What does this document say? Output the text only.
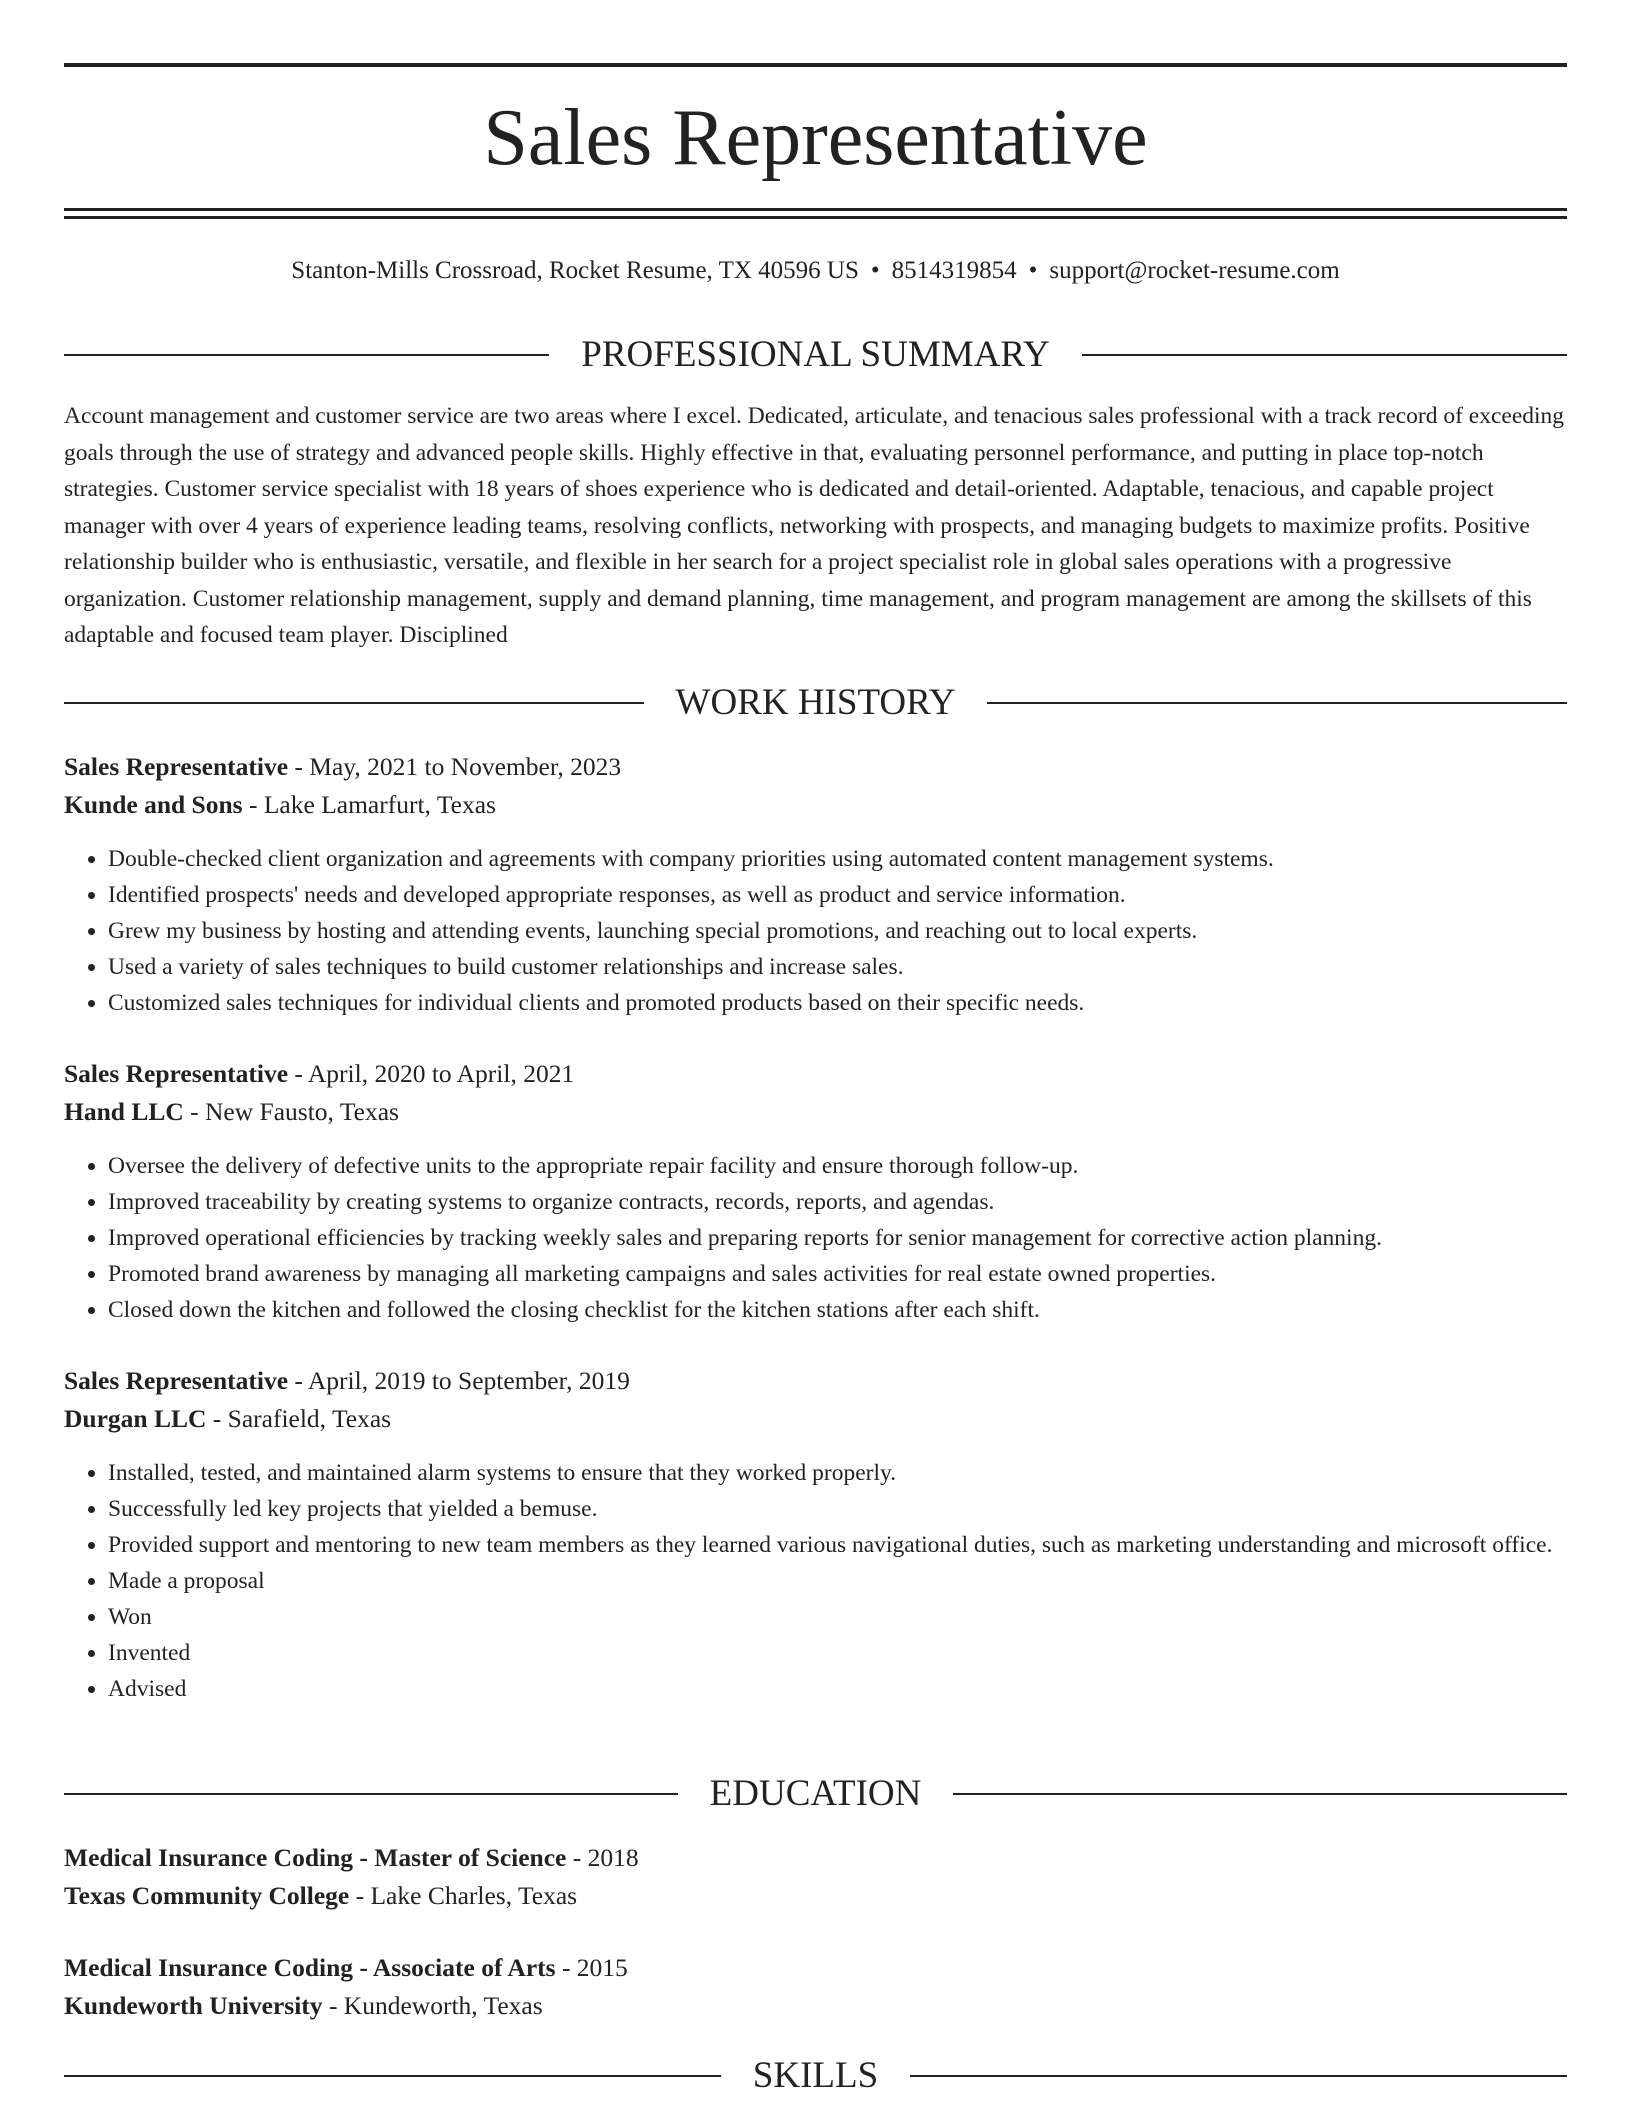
Sales Representative
Stanton-Mills Crossroad, Rocket Resume, TX 40596 US • 8514319854 • support@rocket-resume.com
PROFESSIONAL SUMMARY
Account management and customer service are two areas where I excel. Dedicated, articulate, and tenacious sales professional with a track record of exceeding goals through the use of strategy and advanced people skills. Highly effective in that, evaluating personnel performance, and putting in place top-notch strategies. Customer service specialist with 18 years of shoes experience who is dedicated and detail-oriented. Adaptable, tenacious, and capable project manager with over 4 years of experience leading teams, resolving conflicts, networking with prospects, and managing budgets to maximize profits. Positive relationship builder who is enthusiastic, versatile, and flexible in her search for a project specialist role in global sales operations with a progressive organization. Customer relationship management, supply and demand planning, time management, and program management are among the skillsets of this adaptable and focused team player. Disciplined
WORK HISTORY
Sales Representative - May, 2021 to November, 2023
Kunde and Sons - Lake Lamarfurt, Texas
• Double-checked client organization and agreements with company priorities using automated content management systems.
• Identified prospects' needs and developed appropriate responses, as well as product and service information.
• Grew my business by hosting and attending events, launching special promotions, and reaching out to local experts.
• Used a variety of sales techniques to build customer relationships and increase sales.
• Customized sales techniques for individual clients and promoted products based on their specific needs.
Sales Representative - April, 2020 to April, 2021
Hand LLC - New Fausto, Texas
• Oversee the delivery of defective units to the appropriate repair facility and ensure thorough follow-up.
• Improved traceability by creating systems to organize contracts, records, reports, and agendas.
• Improved operational efficiencies by tracking weekly sales and preparing reports for senior management for corrective action planning.
• Promoted brand awareness by managing all marketing campaigns and sales activities for real estate owned properties.
• Closed down the kitchen and followed the closing checklist for the kitchen stations after each shift.
Sales Representative - April, 2019 to September, 2019
Durgan LLC - Sarafield, Texas
• Installed, tested, and maintained alarm systems to ensure that they worked properly.
• Successfully led key projects that yielded a bemuse.
• Provided support and mentoring to new team members as they learned various navigational duties, such as marketing understanding and microsoft office.
• Made a proposal
• Won
• Invented
• Advised
EDUCATION
Medical Insurance Coding - Master of Science - 2018
Texas Community College - Lake Charles, Texas
Medical Insurance Coding - Associate of Arts - 2015
Kundeworth University - Kundeworth, Texas
SKILLS
